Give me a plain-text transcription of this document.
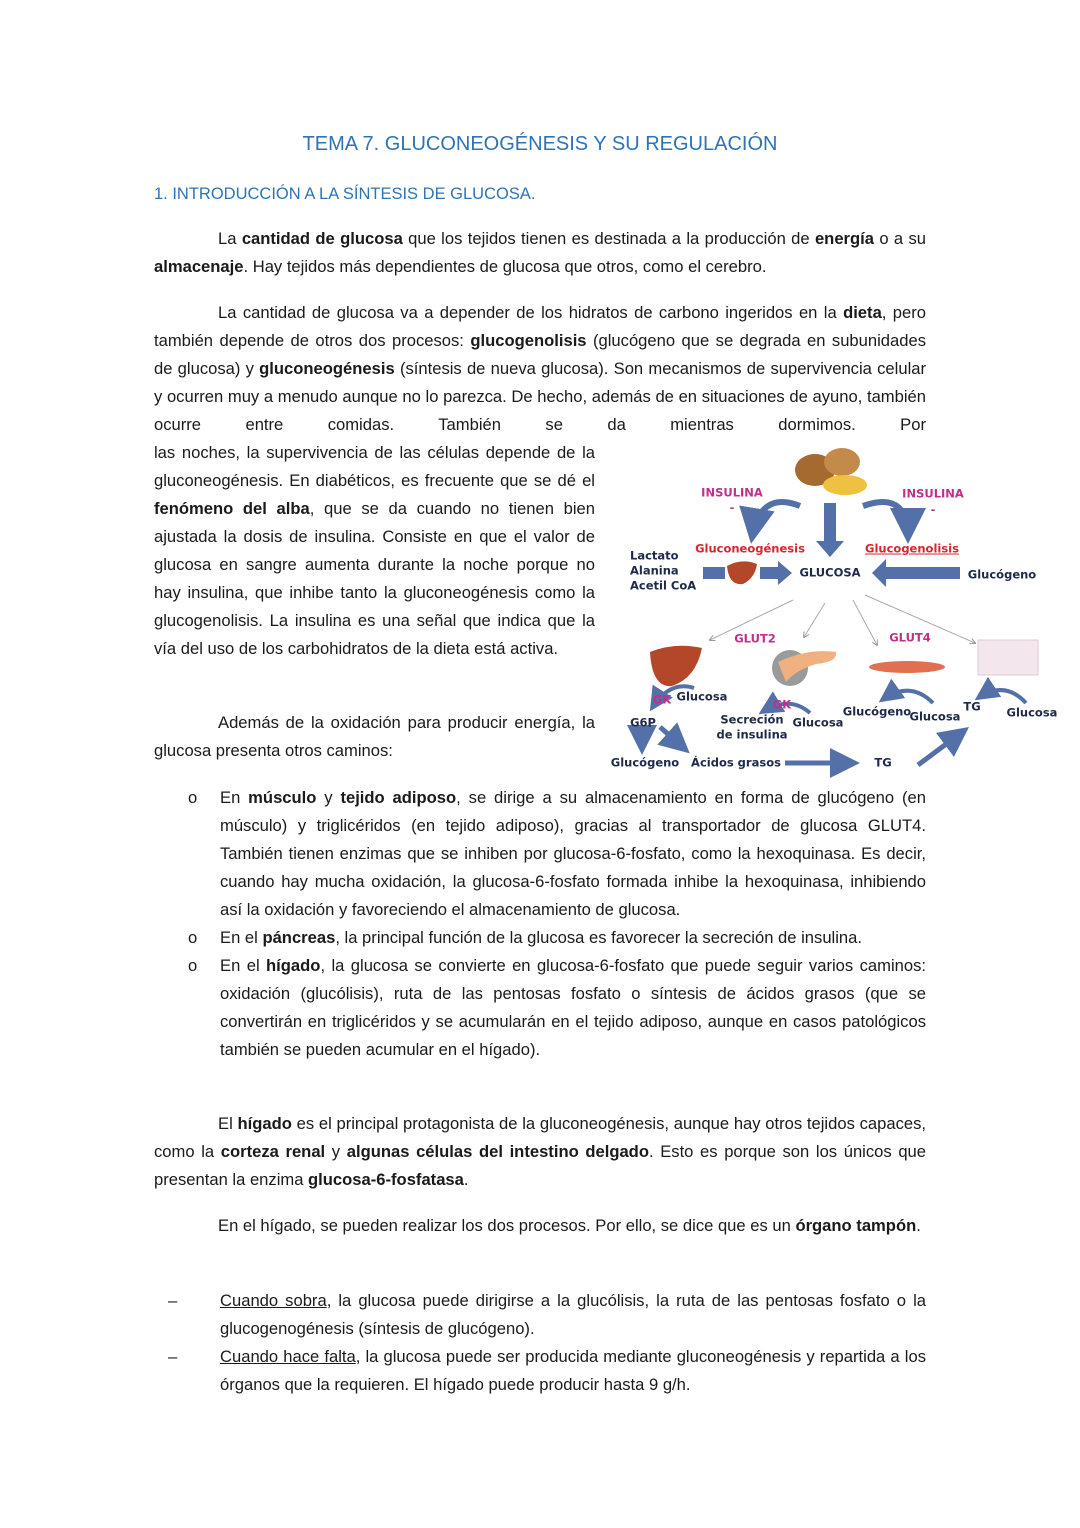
TEMA 7. GLUCONEOGÉNESIS Y SU REGULACIÓN
1. INTRODUCCIÓN A LA SÍNTESIS DE GLUCOSA.
La cantidad de glucosa que los tejidos tienen es destinada a la producción de energía o a su almacenaje. Hay tejidos más dependientes de glucosa que otros, como el cerebro.
La cantidad de glucosa va a depender de los hidratos de carbono ingeridos en la dieta, pero también depende de otros dos procesos: glucogenolisis (glucógeno que se degrada en subunidades de glucosa) y gluconeogénesis (síntesis de nueva glucosa). Son mecanismos de supervivencia celular y ocurren muy a menudo aunque no lo parezca. De hecho, además de en situaciones de ayuno, también ocurre entre comidas. También se da mientras dormimos. Por
las noches, la supervivencia de las células depende de la gluconeogénesis. En diabéticos, es frecuente que se dé el fenómeno del alba, que se da cuando no tienen bien ajustada la dosis de insulina. Consiste en que el valor de glucosa en sangre aumenta durante la noche porque no hay insulina, que inhibe tanto la gluconeogénesis como la glucogenolisis. La insulina es una señal que indica que la vía del uso de los carbohidratos de la dieta está activa.
Además de la oxidación para producir energía, la glucosa presenta otros caminos:
INSULINA
-
INSULINA
-
Gluconeogénesis	Glucogenolisis
Lactato
Alanina
Acetil CoA
GLUCOSA	Glucógeno
GLUT2	GLUT4
GK Glucosa
G6P
GK
Secreción
de insulina
Glucosa
Glucógeno
Glucosa
TG Glucosa
Glucógeno Ácidos grasos	TG
o En músculo y tejido adiposo, se dirige a su almacenamiento en forma de glucógeno (en músculo) y triglicéridos (en tejido adiposo), gracias al transportador de glucosa GLUT4. También tienen enzimas que se inhiben por glucosa-6-fosfato, como la hexoquinasa. Es decir, cuando hay mucha oxidación, la glucosa-6-fosfato formada inhibe la hexoquinasa, inhibiendo así la oxidación y favoreciendo el almacenamiento de glucosa.
o En el páncreas, la principal función de la glucosa es favorecer la secreción de insulina.
o En el hígado, la glucosa se convierte en glucosa-6-fosfato que puede seguir varios caminos: oxidación (glucólisis), ruta de las pentosas fosfato o síntesis de ácidos grasos (que se convertirán en triglicéridos y se acumularán en el tejido adiposo, aunque en casos patológicos también se pueden acumular en el hígado).
El hígado es el principal protagonista de la gluconeogénesis, aunque hay otros tejidos capaces, como la corteza renal y algunas células del intestino delgado. Esto es porque son los únicos que presentan la enzima glucosa-6-fosfatasa.
En el hígado, se pueden realizar los dos procesos. Por ello, se dice que es un órgano tampón.
–	Cuando sobra, la glucosa puede dirigirse a la glucólisis, la ruta de las pentosas fosfato o la glucogenogénesis (síntesis de glucógeno).
–	Cuando hace falta, la glucosa puede ser producida mediante gluconeogénesis y repartida a los órganos que la requieren. El hígado puede producir hasta 9 g/h.
